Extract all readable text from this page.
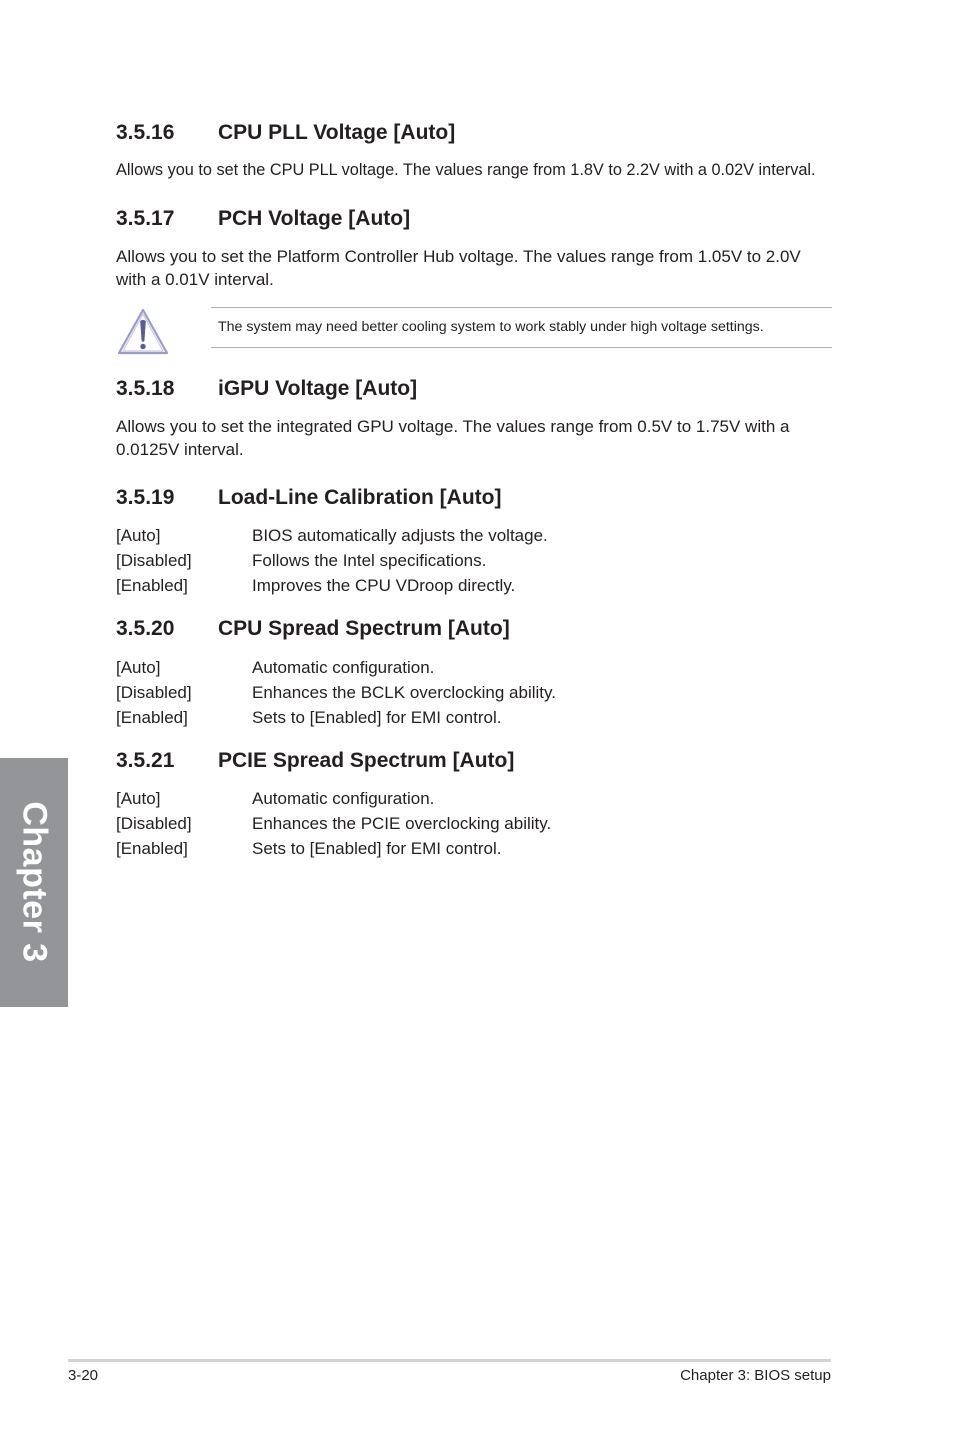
3.5.16 CPU PLL Voltage [Auto]

Allows you to set the CPU PLL voltage. The values range from 1.8V to 2.2V with a 0.02V interval.

3.5.17 PCH Voltage [Auto]

Allows you to set the Platform Controller Hub voltage. The values range from 1.05V to 2.0V with a 0.01V interval.

The system may need better cooling system to work stably under high voltage settings.
3.5.18 iGPU Voltage [Auto]

Allows you to set the integrated GPU voltage. The values range from 0.5V to 1.75V with a 0.0125V interval.

3.5.19 Load-Line Calibration [Auto]
[Auto]	BIOS automatically adjusts the voltage.
[Disabled]	Follows the Intel specifications.
[Enabled]	Improves the CPU VDroop directly.
3.5.20 CPU Spread Spectrum [Auto]
[Auto]	Automatic configuration.
[Disabled]	Enhances the BCLK overclocking ability.
[Enabled]	Sets to [Enabled] for EMI control.
3.5.21 PCIE Spread Spectrum [Auto]
[Auto]	Automatic configuration.
[Disabled]	Enhances the PCIE overclocking ability.
[Enabled]	Sets to [Enabled] for EMI control.
Chapter 3
3-20	Chapter 3: BIOS setup
